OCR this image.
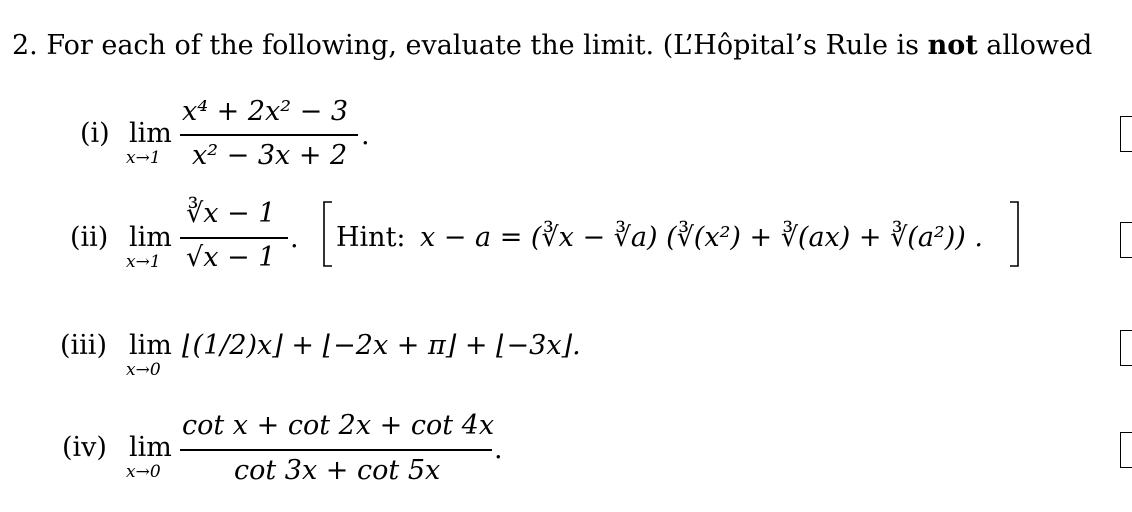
2. For each of the following, evaluate the limit. (L’Hôpital’s Rule is not allowed
(i) lim
x→1
x⁴ + 2x² − 3
x² − 3x + 2
.
(ii) lim
x→1
∛x − 1
√x − 1
. Hint: x − a = (∛x − ∛a) (∛(x²) + ∛(ax) + ∛(a²)) .
(iii) lim
x→0
⌊(1/2)x⌋ + ⌊−2x + π⌋ + ⌊−3x⌋.
(iv) lim
x→0
cot x + cot 2x + cot 4x
cot 3x + cot 5x
.
